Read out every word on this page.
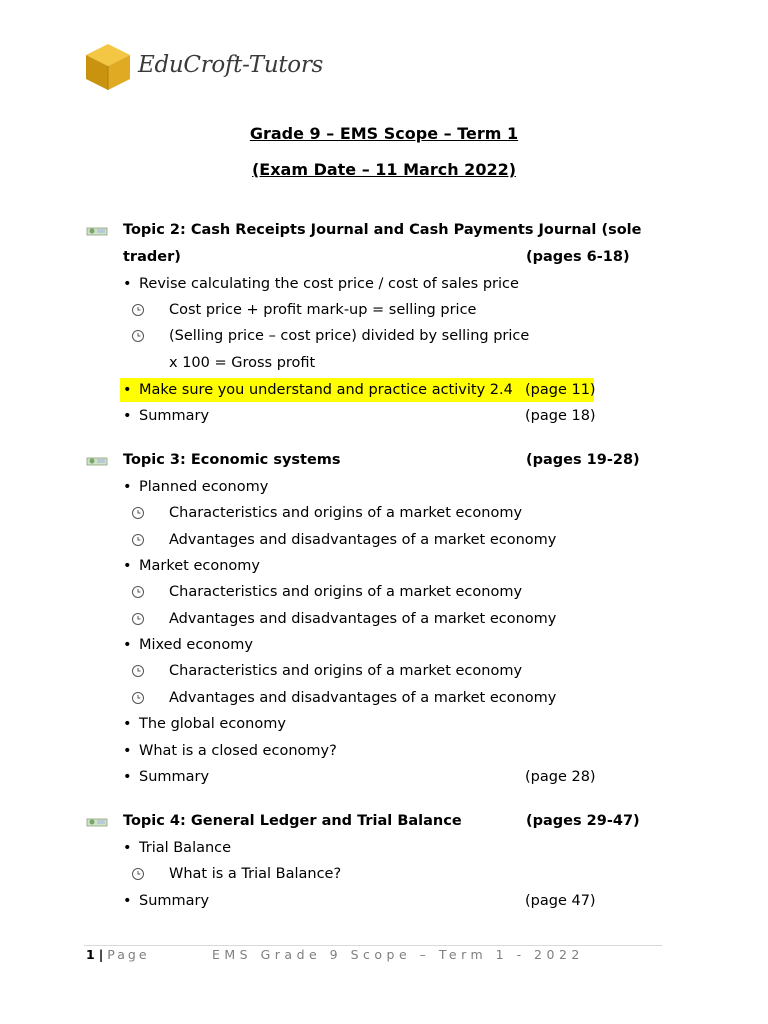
EduCroft-Tutors
Grade 9 – EMS Scope – Term 1
(Exam Date – 11 March 2022)
Topic 2: Cash Receipts Journal and Cash Payments Journal (sole
trader)	(pages 6-18)
• Revise calculating the cost price / cost of sales price
Cost price + profit mark-up = selling price
(Selling price – cost price) divided by selling price
x 100 = Gross profit
• Make sure you understand and practice activity 2.4 (page 11)
• Summary	(page 18)
Topic 3: Economic systems	(pages 19-28)
• Planned economy
Characteristics and origins of a market economy
Advantages and disadvantages of a market economy
• Market economy
Characteristics and origins of a market economy
Advantages and disadvantages of a market economy
• Mixed economy
Characteristics and origins of a market economy
Advantages and disadvantages of a market economy
• The global economy
• What is a closed economy?
• Summary	(page 28)
Topic 4: General Ledger and Trial Balance	(pages 29-47)
• Trial Balance
What is a Trial Balance?
• Summary	(page 47)
1 | Page	EMS Grade 9 Scope – Term 1 - 2022
